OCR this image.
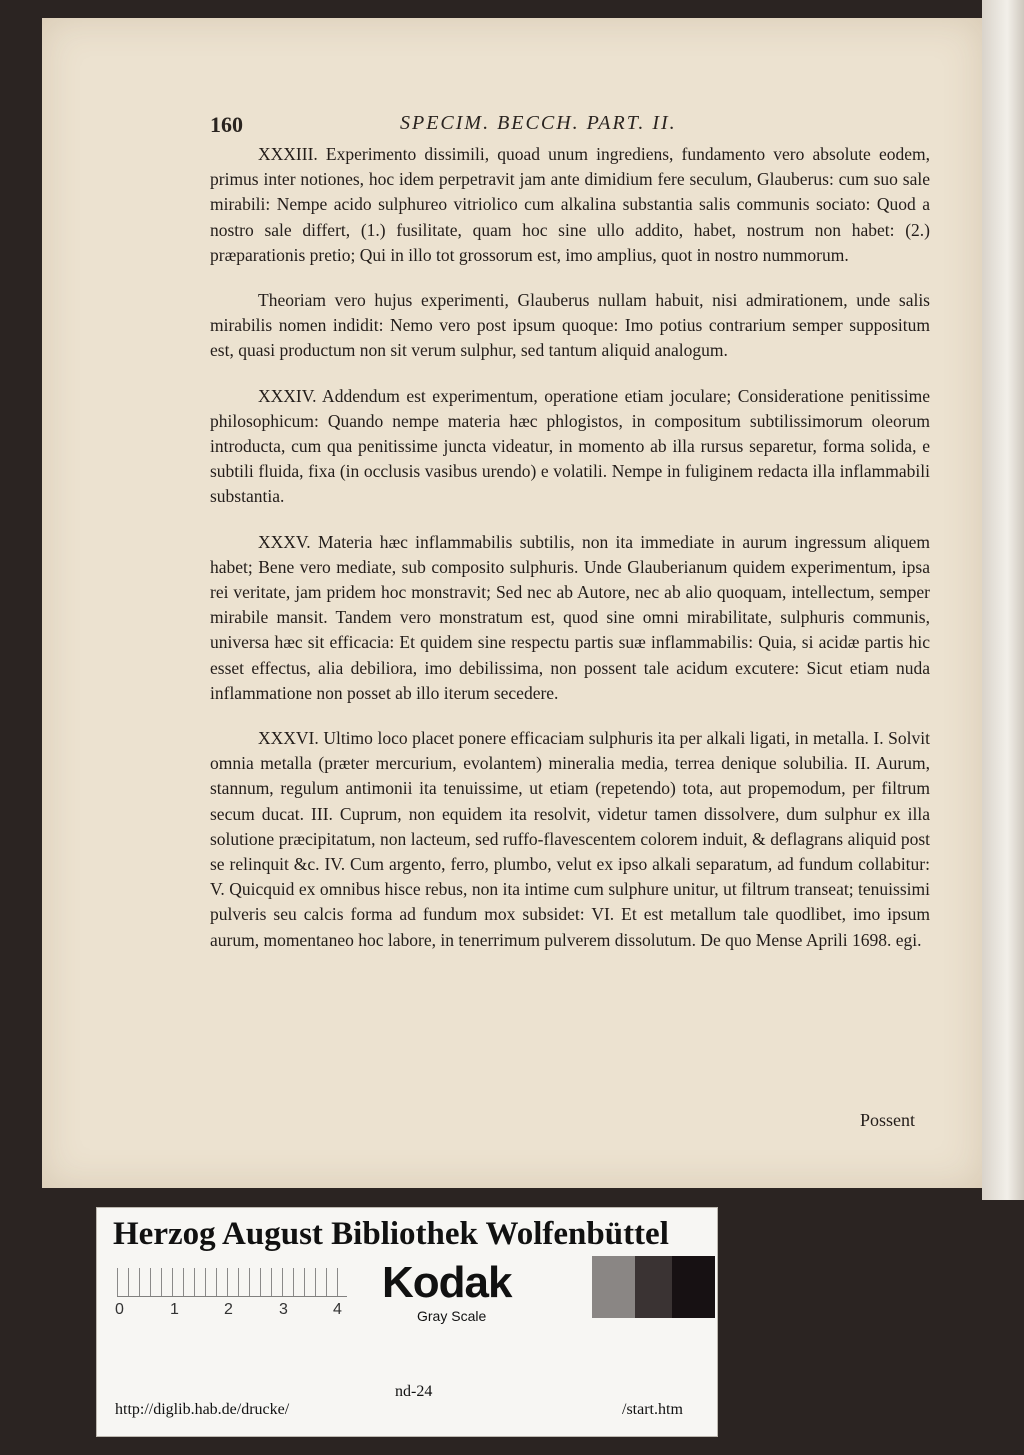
160	SPECIM. BECCH. PART. II.

XXXIII. Experimento dissimili, quoad unum ingrediens, fundamento vero absolute eodem, primus inter notiones, hoc idem perpetravit jam ante dimidium fere seculum, Glauberus: cum suo sale mirabili: Nempe acido sulphureo vitriolico cum alkalina substantia salis communis sociato: Quod a nostro sale differt, (1.) fusilitate, quam hoc sine ullo addito, habet, nostrum non habet: (2.) præparationis pretio; Qui in illo tot grossorum est, imo amplius, quot in nostro nummorum.

Theoriam vero hujus experimenti, Glauberus nullam habuit, nisi admirationem, unde salis mirabilis nomen indidit: Nemo vero post ipsum quoque: Imo potius contrarium semper suppositum est, quasi productum non sit verum sulphur, sed tantum aliquid analogum.

XXXIV. Addendum est experimentum, operatione etiam joculare; Consideratione penitissime philosophicum: Quando nempe materia hæc phlogistos, in compositum subtilissimorum oleorum introducta, cum qua penitissime juncta videatur, in momento ab illa rursus separetur, forma solida, e subtili fluida, fixa (in occlusis vasibus urendo) e volatili. Nempe in fuliginem redacta illa inflammabili substantia.

XXXV. Materia hæc inflammabilis subtilis, non ita immediate in aurum ingressum aliquem habet; Bene vero mediate, sub composito sulphuris. Unde Glauberianum quidem experimentum, ipsa rei veritate, jam pridem hoc monstravit; Sed nec ab Autore, nec ab alio quoquam, intellectum, semper mirabile mansit. Tandem vero monstratum est, quod sine omni mirabilitate, sulphuris communis, universa hæc sit efficacia: Et quidem sine respectu partis suæ inflammabilis: Quia, si acidæ partis hic esset effectus, alia debiliora, imo debilissima, non possent tale acidum excutere: Sicut etiam nuda inflammatione non posset ab illo iterum secedere.

XXXVI. Ultimo loco placet ponere efficaciam sulphuris ita per alkali ligati, in metalla. I. Solvit omnia metalla (præter mercurium, evolantem) mineralia media, terrea denique solubilia. II. Aurum, stannum, regulum antimonii ita tenuissime, ut etiam (repetendo) tota, aut propemodum, per filtrum secum ducat. III. Cuprum, non equidem ita resolvit, videtur tamen dissolvere, dum sulphur ex illa solutione præcipitatum, non lacteum, sed ruffo-flavescentem colorem induit, & deflagrans aliquid post se relinquit &c. IV. Cum argento, ferro, plumbo, velut ex ipso alkali separatum, ad fundum collabitur: V. Quicquid ex omnibus hisce rebus, non ita intime cum sulphure unitur, ut filtrum transeat; tenuissimi pulveris seu calcis forma ad fundum mox subsidet: VI. Et est metallum tale quodlibet, imo ipsum aurum, momentaneo hoc labore, in tenerrimum pulverem dissolutum. De quo Mense Aprili 1698. egi.

Possent
Herzog August Bibliothek Wolfenbüttel
0	1	2	3	4
Kodak
Gray Scale
http://diglib.hab.de/drucke/
nd-24
/start.htm
